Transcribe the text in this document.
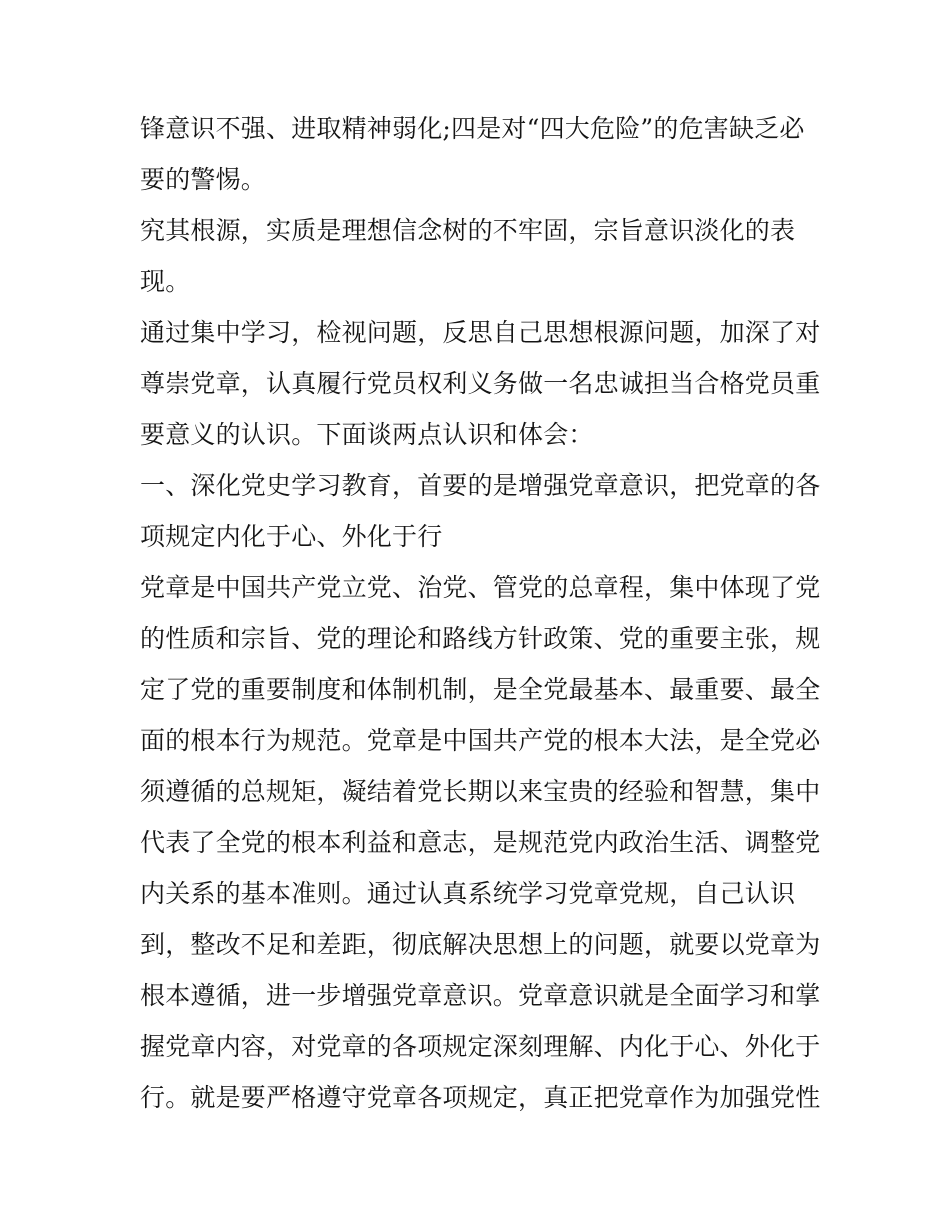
锋意识不强、进取精神弱化;四是对“四大危险”的危害缺乏必
要的警惕。
究其根源，实质是理想信念树的不牢固，宗旨意识淡化的表
现。
通过集中学习，检视问题，反思自己思想根源问题，加深了对
尊崇党章，认真履行党员权利义务做一名忠诚担当合格党员重
要意义的认识。下面谈两点认识和体会：
一、深化党史学习教育，首要的是增强党章意识，把党章的各
项规定内化于心、外化于行
党章是中国共产党立党、治党、管党的总章程，集中体现了党
的性质和宗旨、党的理论和路线方针政策、党的重要主张，规
定了党的重要制度和体制机制，是全党最基本、最重要、最全
面的根本行为规范。党章是中国共产党的根本大法，是全党必
须遵循的总规矩，凝结着党长期以来宝贵的经验和智慧，集中
代表了全党的根本利益和意志，是规范党内政治生活、调整党
内关系的基本准则。通过认真系统学习党章党规，自己认识
到，整改不足和差距，彻底解决思想上的问题，就要以党章为
根本遵循，进一步增强党章意识。党章意识就是全面学习和掌
握党章内容，对党章的各项规定深刻理解、内化于心、外化于
行。就是要严格遵守党章各项规定，真正把党章作为加强党性
